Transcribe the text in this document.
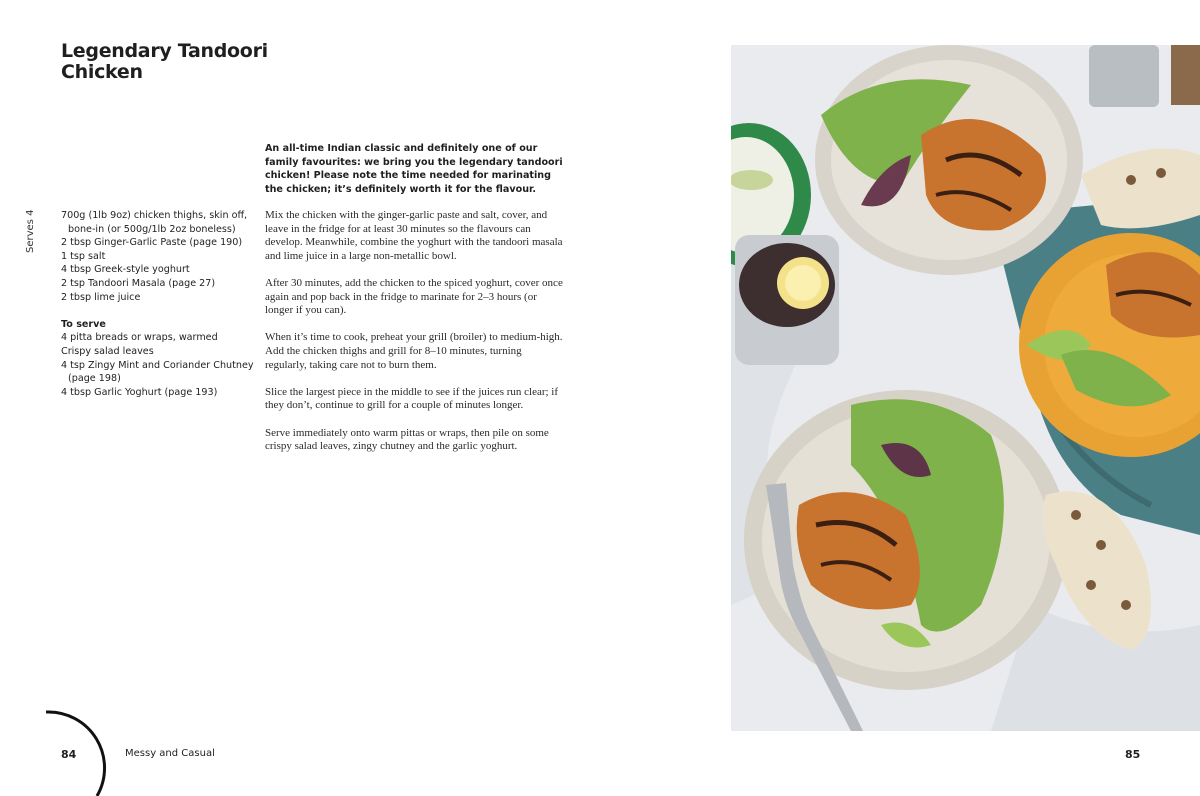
Legendary Tandoori
Chicken
Serves 4	700g (1lb 9oz) chicken thighs, skin off, bone-in (or 500g/1lb 2oz boneless)
2 tbsp Ginger-Garlic Paste (page 190)
1 tsp salt
4 tbsp Greek-style yoghurt
2 tsp Tandoori Masala (page 27)
2 tbsp lime juice
To serve
4 pitta breads or wraps, warmed
Crispy salad leaves
4 tsp Zingy Mint and Coriander Chutney (page 198)
4 tbsp Garlic Yoghurt (page 193)
An all-time Indian classic and definitely one of our family favourites: we bring you the legendary tandoori chicken! Please note the time needed for marinating the chicken; it’s definitely worth it for the flavour.

Mix the chicken with the ginger-garlic paste and salt, cover, and leave in the fridge for at least 30 minutes so the flavours can develop. Meanwhile, combine the yoghurt with the tandoori masala and lime juice in a large non-metallic bowl.

After 30 minutes, add the chicken to the spiced yoghurt, cover once again and pop back in the fridge to marinate for 2–3 hours (or longer if you can).

When it’s time to cook, preheat your grill (broiler) to medium-high. Add the chicken thighs and grill for 8–10 minutes, turning regularly, taking care not to burn them.

Slice the largest piece in the middle to see if the juices run clear; if they don’t, continue to grill for a couple of minutes longer.

Serve immediately onto warm pittas or wraps, then pile on some crispy salad leaves, zingy chutney and the garlic yoghurt.

84	Messy and Casual	85
